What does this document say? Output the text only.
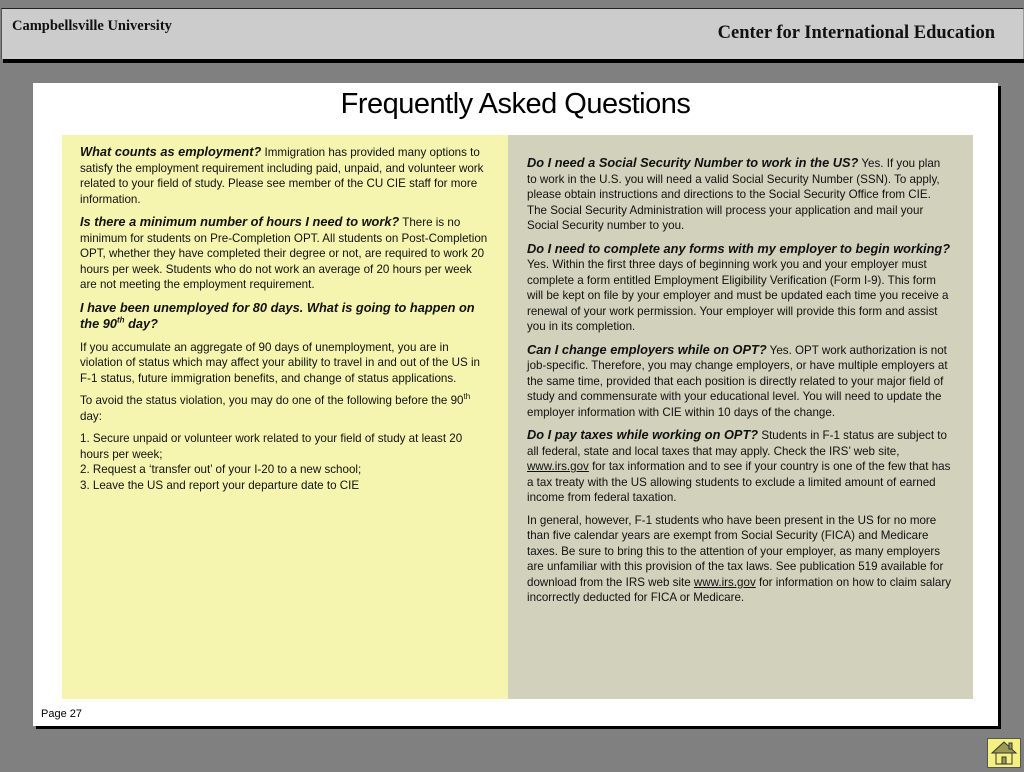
Campbellsville University	Center for International Education
Frequently Asked Questions

What counts as employment? Immigration has provided many options to satisfy the employment requirement including paid, unpaid, and volunteer work related to your field of study. Please see member of the CU CIE staff for more information.

Is there a minimum number of hours I need to work? There is no minimum for students on Pre-Completion OPT. All students on Post-Completion OPT, whether they have completed their degree or not, are required to work 20 hours per week. Students who do not work an average of 20 hours per week are not meeting the employment requirement.

I have been unemployed for 80 days. What is going to happen on the 90th day?

If you accumulate an aggregate of 90 days of unemployment, you are in violation of status which may affect your ability to travel in and out of the US in F-1 status, future immigration benefits, and change of status applications.

To avoid the status violation, you may do one of the following before the 90th day:

1. Secure unpaid or volunteer work related to your field of study at least 20 hours per week;

2. Request a ‘transfer out’ of your I-20 to a new school;

3. Leave the US and report your departure date to CIE

Do I need a Social Security Number to work in the US? Yes. If you plan to work in the U.S. you will need a valid Social Security Number (SSN). To apply, please obtain instructions and directions to the Social Security Office from CIE. The Social Security Administration will process your application and mail your Social Security number to you.

Do I need to complete any forms with my employer to begin working? Yes. Within the first three days of beginning work you and your employer must complete a form entitled Employment Eligibility Verification (Form I-9). This form will be kept on file by your employer and must be updated each time you receive a renewal of your work permission. Your employer will provide this form and assist you in its completion.

Can I change employers while on OPT? Yes. OPT work authorization is not job-specific. Therefore, you may change employers, or have multiple employers at the same time, provided that each position is directly related to your major field of study and commensurate with your educational level. You will need to update the employer information with CIE within 10 days of the change.

Do I pay taxes while working on OPT? Students in F-1 status are subject to all federal, state and local taxes that may apply. Check the IRS’ web site, www.irs.gov for tax information and to see if your country is one of the few that has a tax treaty with the US allowing students to exclude a limited amount of earned income from federal taxation.

In general, however, F-1 students who have been present in the US for no more than five calendar years are exempt from Social Security (FICA) and Medicare taxes. Be sure to bring this to the attention of your employer, as many employers are unfamiliar with this provision of the tax laws. See publication 519 available for download from the IRS web site www.irs.gov for information on how to claim salary incorrectly deducted for FICA or Medicare.

Page 27
